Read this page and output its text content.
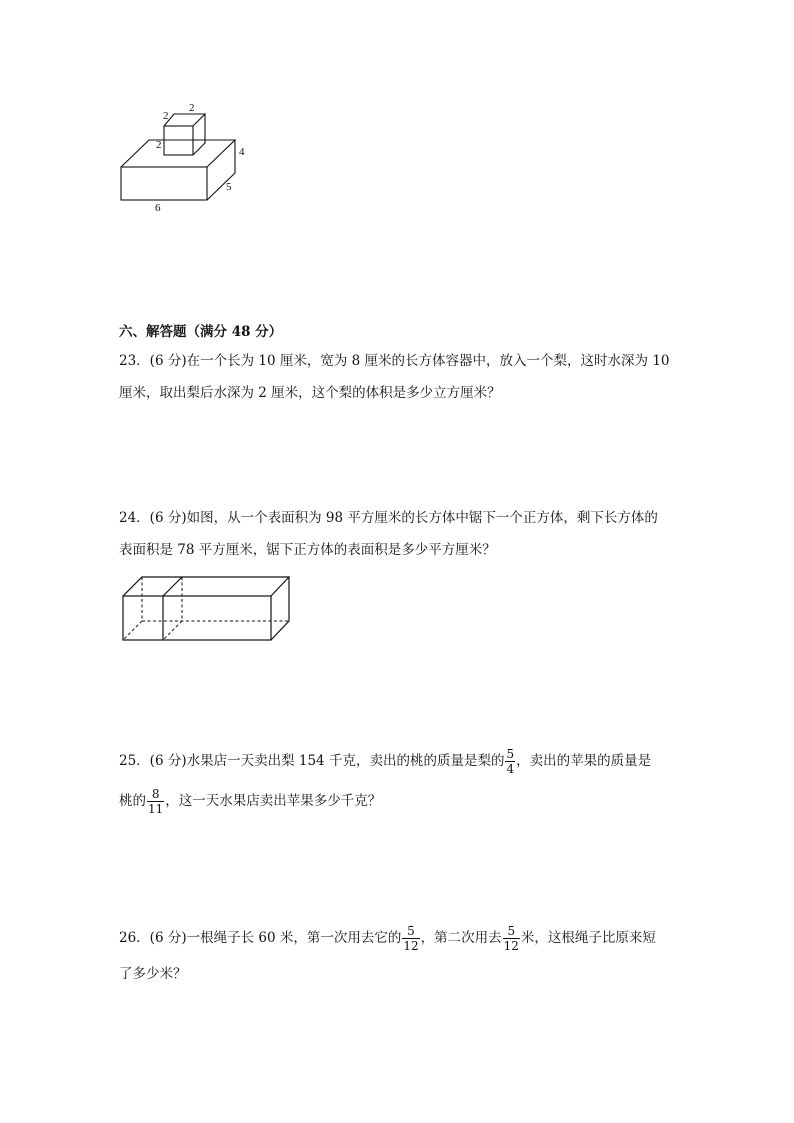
2
2
2
4
5
6
六、解答题（满分 48 分）
23．(6 分)在一个长为 10 厘米，宽为 8 厘米的长方体容器中，放入一个梨，这时水深为 10
厘米，取出梨后水深为 2 厘米，这个梨的体积是多少立方厘米？
24．(6 分)如图，从一个表面积为 98 平方厘米的长方体中锯下一个正方体，剩下长方体的
表面积是 78 平方厘米，锯下正方体的表面积是多少平方厘米？
25．(6 分)水果店一天卖出梨 154 千克，卖出的桃的质量是梨的 $\frac{5}{4}$ ，卖出的苹果的质量是
桃的 $\frac{8}{11}$ ，这一天水果店卖出苹果多少千克？
26．(6 分)一根绳子长 60 米，第一次用去它的 $\frac{5}{12}$ ，第二次用去 $\frac{5}{12}$ 米，这根绳子比原来短
了多少米？
